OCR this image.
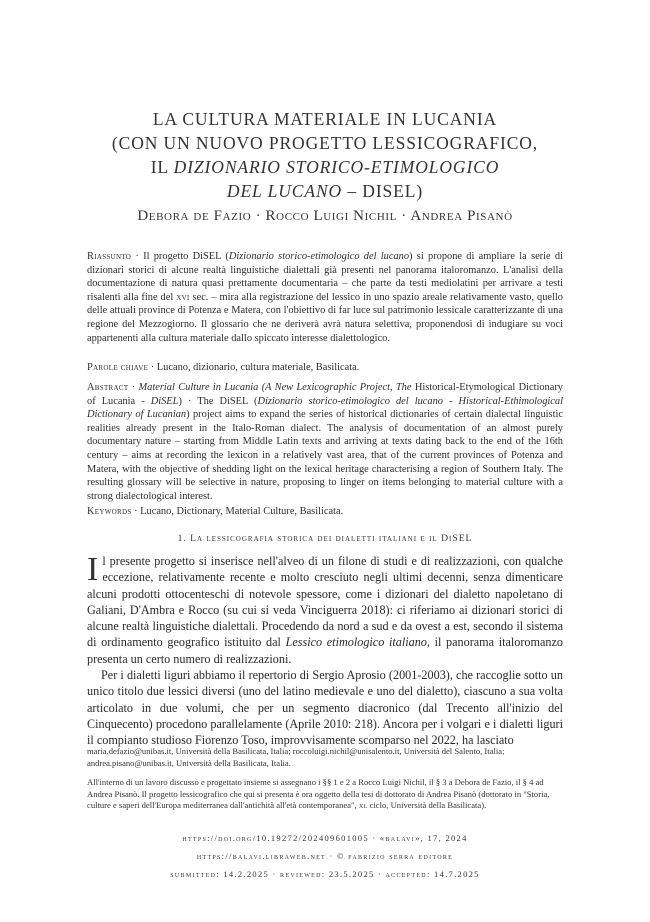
LA CULTURA MATERIALE IN LUCANIA
(CON UN NUOVO PROGETTO LESSICOGRAFICO,
IL DIZIONARIO STORICO-ETIMOLOGICO
DEL LUCANO – DISEL)
Debora de Fazio · Rocco Luigi Nichil · Andrea Pisanò
Riassunto · Il progetto DiSEL (Dizionario storico-etimologico del lucano) si propone di ampliare la serie di dizionari storici di alcune realtà linguistiche dialettali già presenti nel panorama italoromanzo. L'analisi della documentazione di natura quasi prettamente documentaria – che parte da testi mediolatini per arrivare a testi risalenti alla fine del xvi sec. – mira alla registrazione del lessico in uno spazio areale relativamente vasto, quello delle attuali province di Potenza e Matera, con l'obiettivo di far luce sul patrimonio lessicale caratterizzante di una regione del Mezzogiorno. Il glossario che ne deriverà avrà natura selettiva, proponendosi di indugiare su voci appartenenti alla cultura materiale dallo spiccato interesse dialettologico.
Parole chiave · Lucano, dizionario, cultura materiale, Basilicata.
Abstract · Material Culture in Lucania (A New Lexicographic Project, The Historical-Etymological Dictionary of Lucania - DiSEL) · The DiSEL (Dizionario storico-etimologico del lucano - Historical-Ethimological Dictionary of Lucanian) project aims to expand the series of historical dictionaries of certain dialectal linguistic realities already present in the Italo-Roman dialect. The analysis of documentation of an almost purely documentary nature – starting from Middle Latin texts and arriving at texts dating back to the end of the 16th century – aims at recording the lexicon in a relatively vast area, that of the current provinces of Potenza and Matera, with the objective of shedding light on the lexical heritage characterising a region of Southern Italy. The resulting glossary will be selective in nature, proposing to linger on items belonging to material culture with a strong dialectological interest.
Keywords · Lucano, Dictionary, Material Culture, Basilicata.
1. La lessicografia storica dei dialetti italiani e il DiSEL

Il presente progetto si inserisce nell'alveo di un filone di studi e di realizzazioni, con qualche eccezione, relativamente recente e molto cresciuto negli ultimi decenni, senza dimenticare alcuni prodotti ottocenteschi di notevole spessore, come i dizionari del dialetto napoletano di Galiani, D'Ambra e Rocco (su cui si veda Vinciguerra 2018): ci riferiamo ai dizionari storici di alcune realtà linguistiche dialettali. Procedendo da nord a sud e da ovest a est, secondo il sistema di ordinamento geografico istituito dal Lessico etimologico italiano, il panorama italoromanzo presenta un certo numero di realizzazioni.

Per i dialetti liguri abbiamo il repertorio di Sergio Aprosio (2001-2003), che raccoglie sotto un unico titolo due lessici diversi (uno del latino medievale e uno del dialetto), ciascuno a sua volta articolato in due volumi, che per un segmento diacronico (dal Trecento all'inizio del Cinquecento) procedono parallelamente (Aprile 2010: 218). Ancora per i volgari e i dialetti liguri il compianto studioso Fiorenzo Toso, improvvisamente scomparso nel 2022, ha lasciato

maria.defazio@unibas.it, Università della Basilicata, Italia; roccoluigi.nichil@unisalento.it, Università del Salento, Italia; andrea.pisano@unibas.it, Università della Basilicata, Italia.
All'interno di un lavoro discusso e progettato insieme si assegnano i §§ 1 e 2 a Rocco Luigi Nichil, il § 3 a Debora de Fazio, il § 4 ad Andrea Pisanò. Il progetto lessicografico che qui si presenta è ora oggetto della tesi di dottorato di Andrea Pisanò (dottorato in "Storia, culture e saperi dell'Europa mediterranea dall'antichità all'età contemporanea", xl ciclo, Università della Basilicata).
https://doi.org/10.19272/202409601005 · «balavi», 17, 2024
https://balavi.libraweb.net · © fabrizio serra editore
submitted: 14.2.2025 · reviewed: 23.5.2025 · accepted: 14.7.2025
